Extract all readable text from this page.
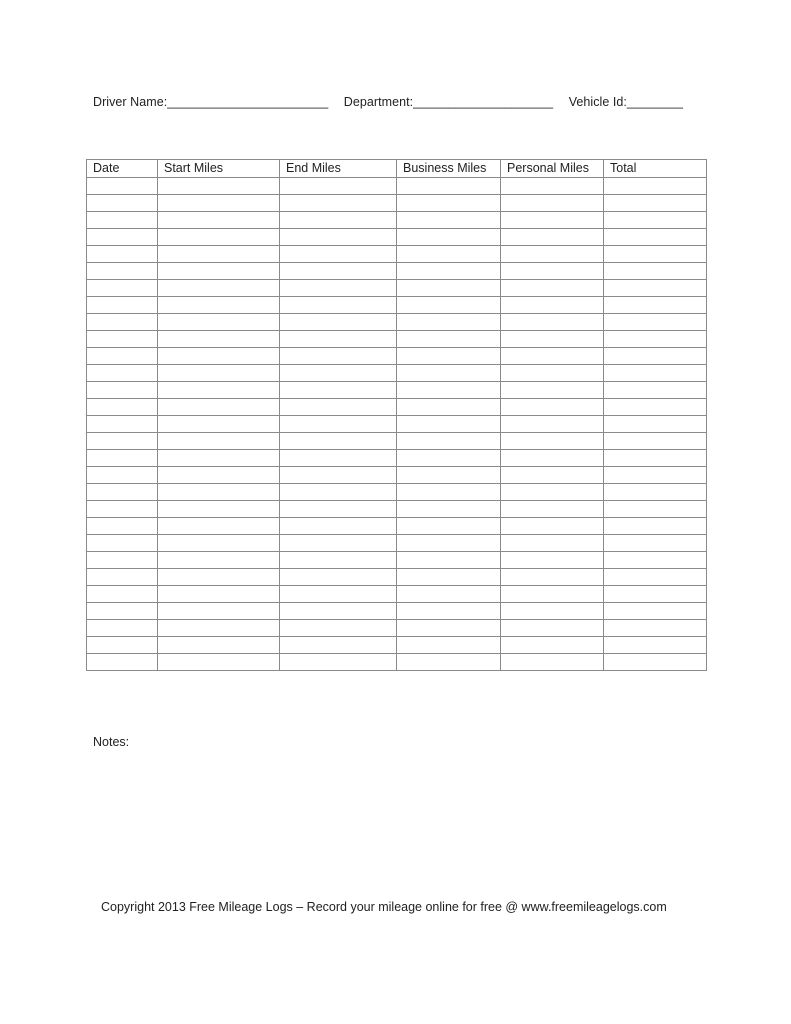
Driver Name:_______________________ Department:____________________ Vehicle Id:________
Date	Start Miles	End Miles	Business Miles	Personal Miles	Total

Notes:
Copyright 2013 Free Mileage Logs – Record your mileage online for free @ www.freemileagelogs.com
